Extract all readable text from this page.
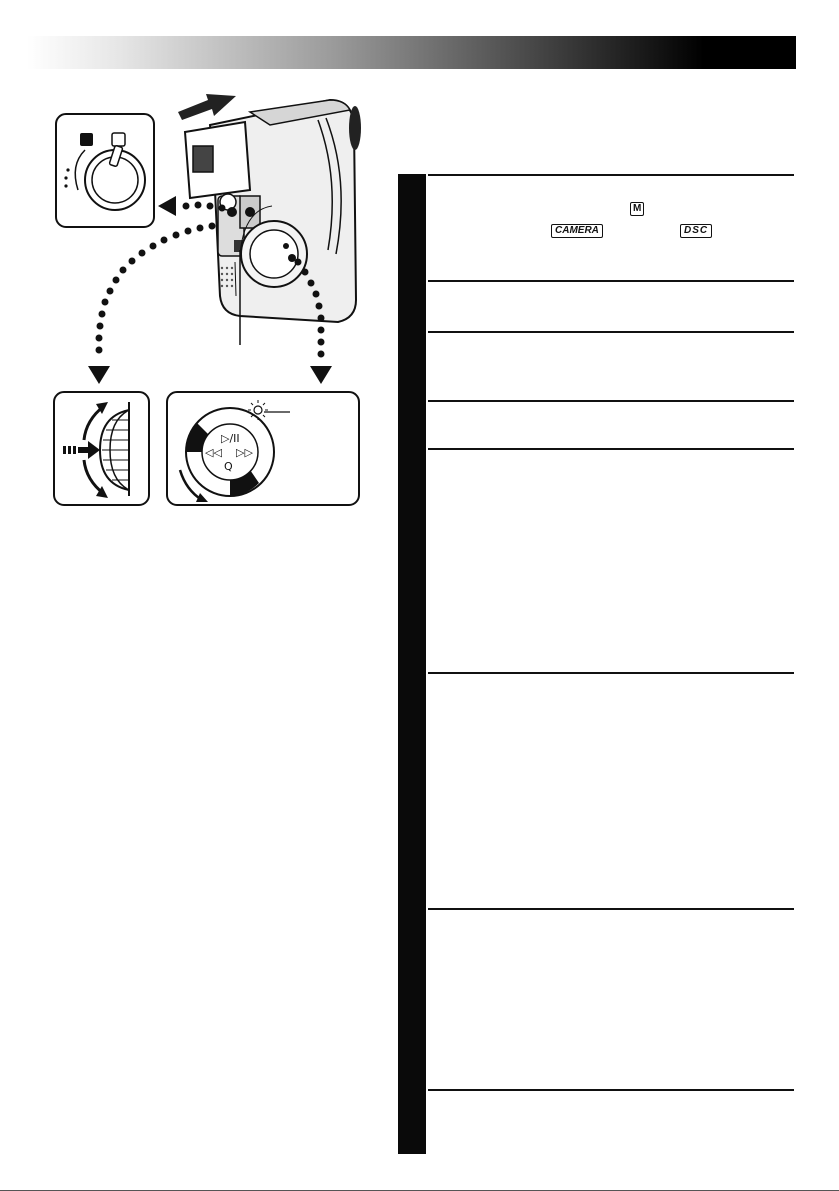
▷/II
◁◁ ▷▷
Q
M
CAMERA	DSC
